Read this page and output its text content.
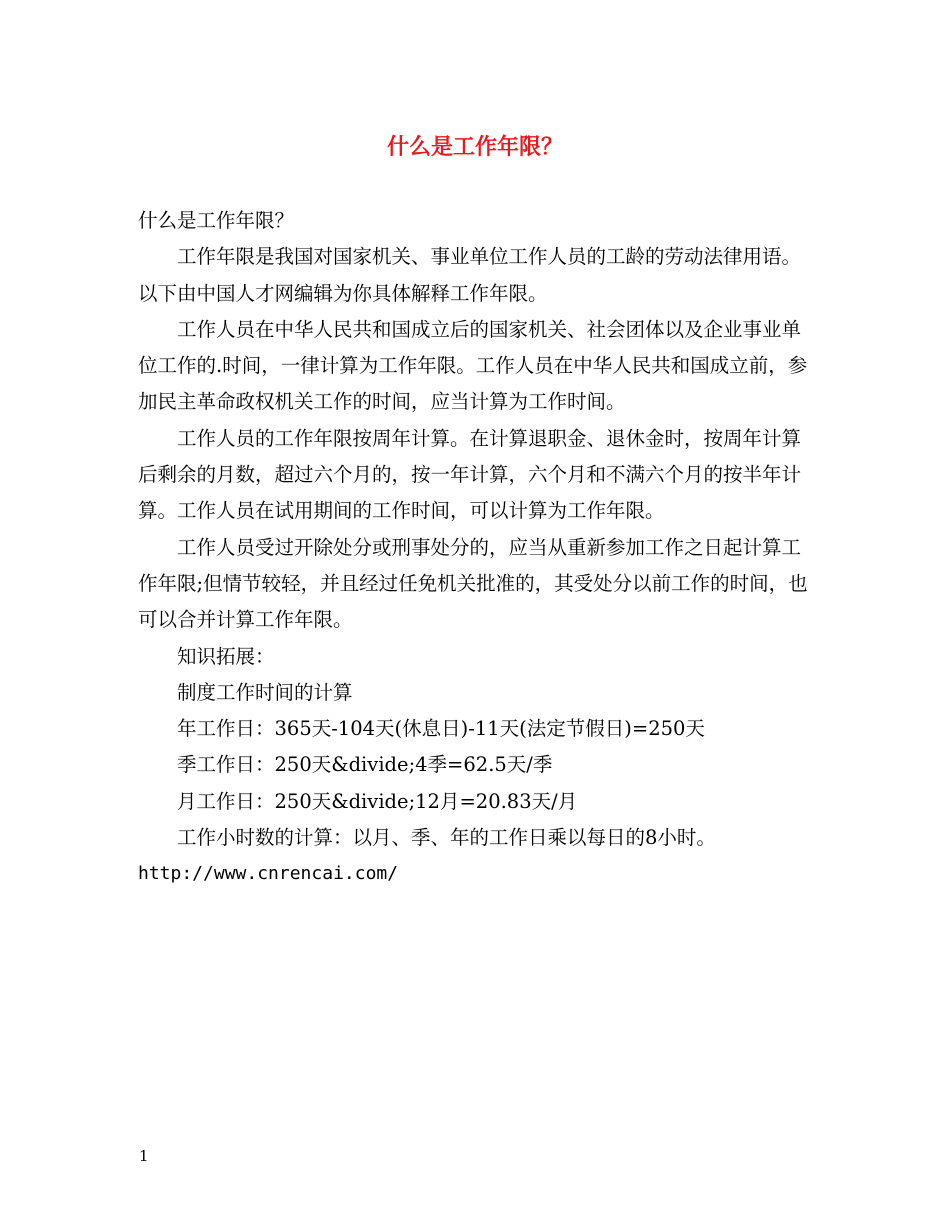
什么是工作年限？

什么是工作年限？

工作年限是我国对国家机关、事业单位工作人员的工龄的劳动法律用语。以下由中国人才网编辑为你具体解释工作年限。

工作人员在中华人民共和国成立后的国家机关、社会团体以及企业事业单位工作的.时间，一律计算为工作年限。工作人员在中华人民共和国成立前，参加民主革命政权机关工作的时间，应当计算为工作时间。

工作人员的工作年限按周年计算。在计算退职金、退休金时，按周年计算后剩余的月数，超过六个月的，按一年计算，六个月和不满六个月的按半年计算。工作人员在试用期间的工作时间，可以计算为工作年限。

工作人员受过开除处分或刑事处分的，应当从重新参加工作之日起计算工作年限;但情节较轻，并且经过任免机关批准的，其受处分以前工作的时间，也可以合并计算工作年限。

知识拓展：

制度工作时间的计算

年工作日：365天-104天(休息日)-11天(法定节假日)=250天

季工作日：250天&divide;4季=62.5天/季

月工作日：250天&divide;12月=20.83天/月

工作小时数的计算：以月、季、年的工作日乘以每日的8小时。

http://www.cnrencai.com/

1
